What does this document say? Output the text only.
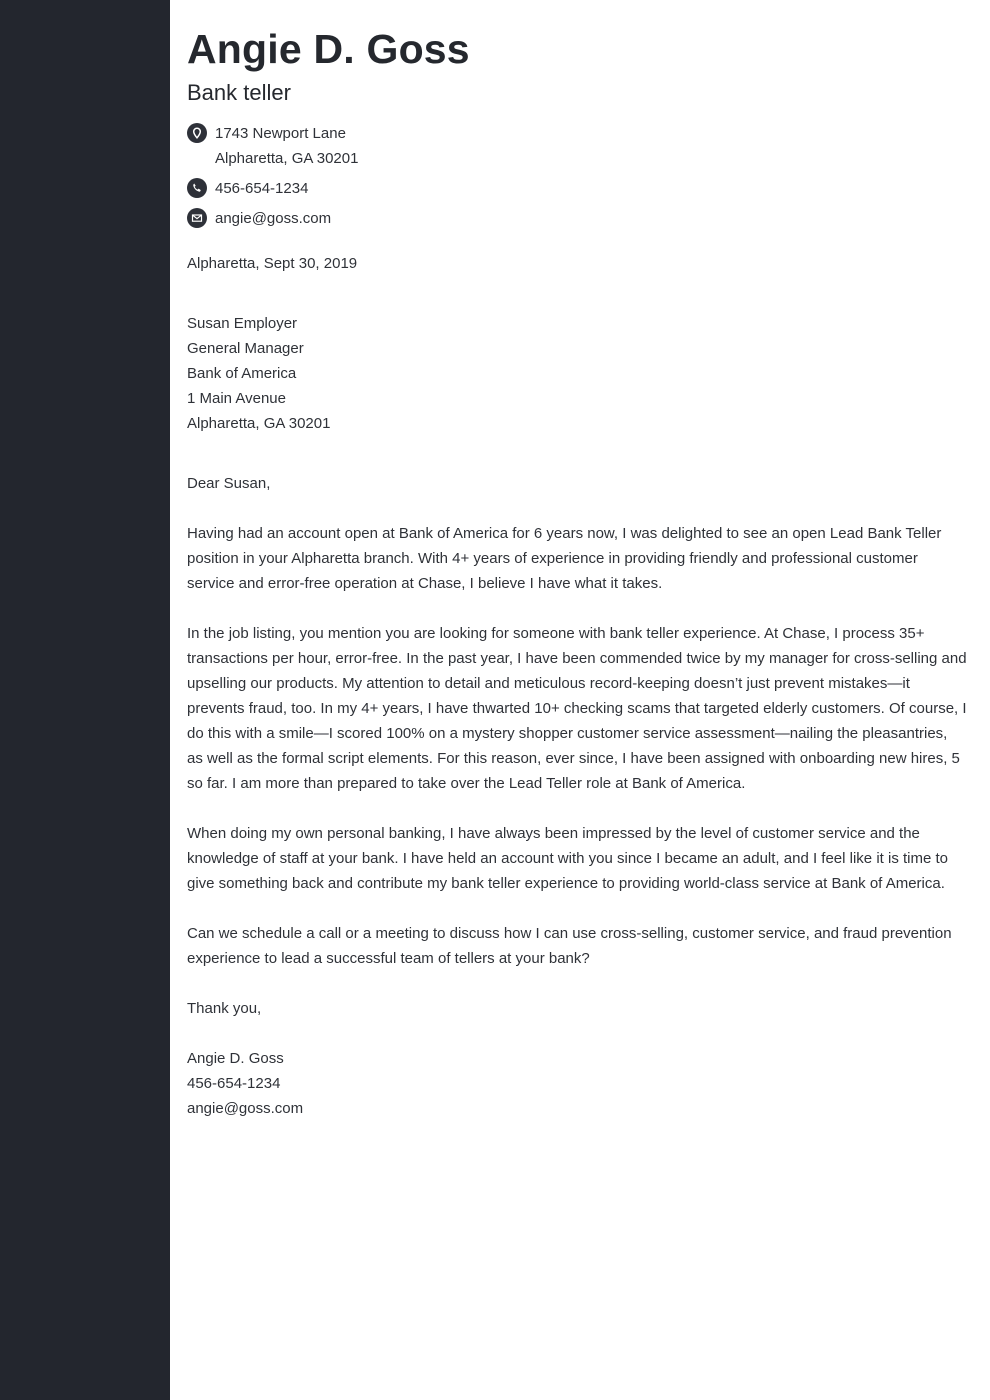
Angie D. Goss
Bank teller
1743 Newport Lane
Alpharetta, GA 30201
456-654-1234
angie@goss.com
Alpharetta, Sept 30, 2019
Susan Employer
General Manager
Bank of America
1 Main Avenue
Alpharetta, GA 30201
Dear Susan,

Having had an account open at Bank of America for 6 years now, I was delighted to see an open Lead Bank Teller position in your Alpharetta branch. With 4+ years of experience in providing friendly and professional customer service and error-free operation at Chase, I believe I have what it takes.

In the job listing, you mention you are looking for someone with bank teller experience. At Chase, I process 35+ transactions per hour, error-free. In the past year, I have been commended twice by my manager for cross-selling and upselling our products. My attention to detail and meticulous record-keeping doesn’t just prevent mistakes—it prevents fraud, too. In my 4+ years, I have thwarted 10+ checking scams that targeted elderly customers. Of course, I do this with a smile—I scored 100% on a mystery shopper customer service assessment—nailing the pleasantries, as well as the formal script elements. For this reason, ever since, I have been assigned with onboarding new hires, 5 so far. I am more than prepared to take over the Lead Teller role at Bank of America.

When doing my own personal banking, I have always been impressed by the level of customer service and the knowledge of staff at your bank. I have held an account with you since I became an adult, and I feel like it is time to give something back and contribute my bank teller experience to providing world-class service at Bank of America.

Can we schedule a call or a meeting to discuss how I can use cross-selling, customer service, and fraud prevention experience to lead a successful team of tellers at your bank?

Thank you,
Angie D. Goss
456-654-1234
angie@goss.com
